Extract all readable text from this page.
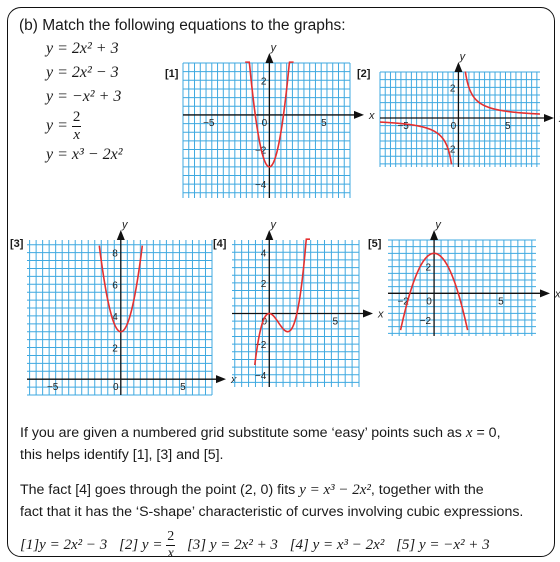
(b) Match the following equations to the graphs:
y = 2x² + 3
y = 2x² − 3
y = −x² + 3
$y = \frac{2}{x}$
y = x³ − 2x²
[1]	[2]
[3]	[4]	[5]
x
y
−5	0	5
2
−2
−4
y
−5	0	5
2
−2
x
y
−5	0	5
8
6
4
2
x
y
0	5
4
2
−2
−4
x
y
−2 0	5
2
−2
If you are given a numbered grid substitute some ‘easy’ points such as x = 0,
this helps identify [1], [3] and [5].
The fact [4] goes through the point (2, 0) fits y = x³ − 2x², together with the
fact that it has the ‘S-shape’ characteristic of curves involving cubic expressions.
[1]y = 2x² − 3 [2] $y = \frac{2}{x} [3] y = 2x^2 + 3$ [4] y = x³ − 2x² [5] y = −x² + 3
